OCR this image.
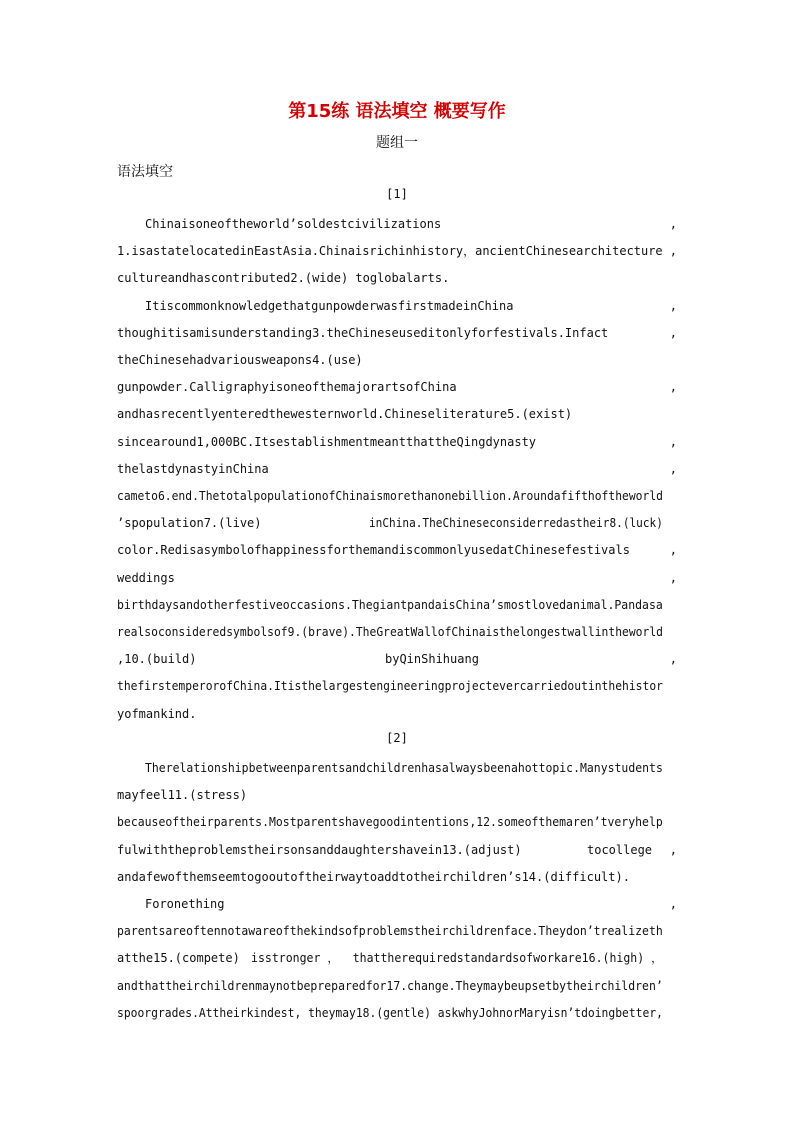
第15练 语法填空 概要写作
题组一
语法填空
[1]
Chinaisoneoftheworld’soldestcivilizations	,
1.isastatelocatedinEastAsia.Chinaisrichinhistory，ancientChinesearchitecture ,
cultureandhascontributed2.(wide) toglobalarts.
ItiscommonknowledgethatgunpowderwasfirstmadeinChina	,
thoughitisamisunderstanding3.theChineseuseditonlyforfestivals.Infact	,
theChinesehadvariousweapons4.(use)
gunpowder.CalligraphyisoneofthemajorartsofChina	,
andhasrecentlyenteredthewesternworld.Chineseliterature5.(exist)
sincearound1,000BC.ItsestablishmentmeantthattheQingdynasty	,
thelastdynastyinChina	,
cametо6.end.ThetotalpopulationofChinaismorethanonebillion.Aroundafifthoftheworld
’spopulation7.(live)	inChina.TheChineseconsiderredastheir8.(luck)
color.RedisasymbolofhappinessforthemandiscommonlyusedatChinesefestivals	,
weddings	,
birthdaysandotherfestiveoccasions.ThegiantpandaisChina’smostlovedanimal.Pandasa
realsoconsideredsymbolsof9.(brave).TheGreatWallofChinaisthelongestwallintheworld
,10.(build)	byQinShihuang	,
thefirstemperorofChina.Itisthelargestengineeringprojectevercarriedoutinthehistor
yofmankind.
[2]
Therelationshipbetweenparentsandchildrenhasalwaysbeenahottopic.Manystudents
mayfeel11.(stress)
becauseoftheirparents.Mostparentshavegoodintentions,12.someofthemaren’tveryhelp
fulwiththeproblemstheirsonsanddaughtershavein13.(adjust)	tocollege ,
andafewofthemseemtogooutoftheirwaytoaddtotheirchildren’s14.(difficult).
Foronething	,
parentsareoftennotawareofthekindsofproblemstheirchildrenface.Theydon’trealizeth
atthe15.(compete) isstronger ，  thattherequiredstandardsofworkare16.(high) ，
andthattheirchildrenmaynotbepreparedfor17.change.Theymaybeupsetbytheirchildren’
spoorgrades.Attheirkindest, theymay18.(gentle) askwhyJohnorMaryisn’tdoingbetter,
